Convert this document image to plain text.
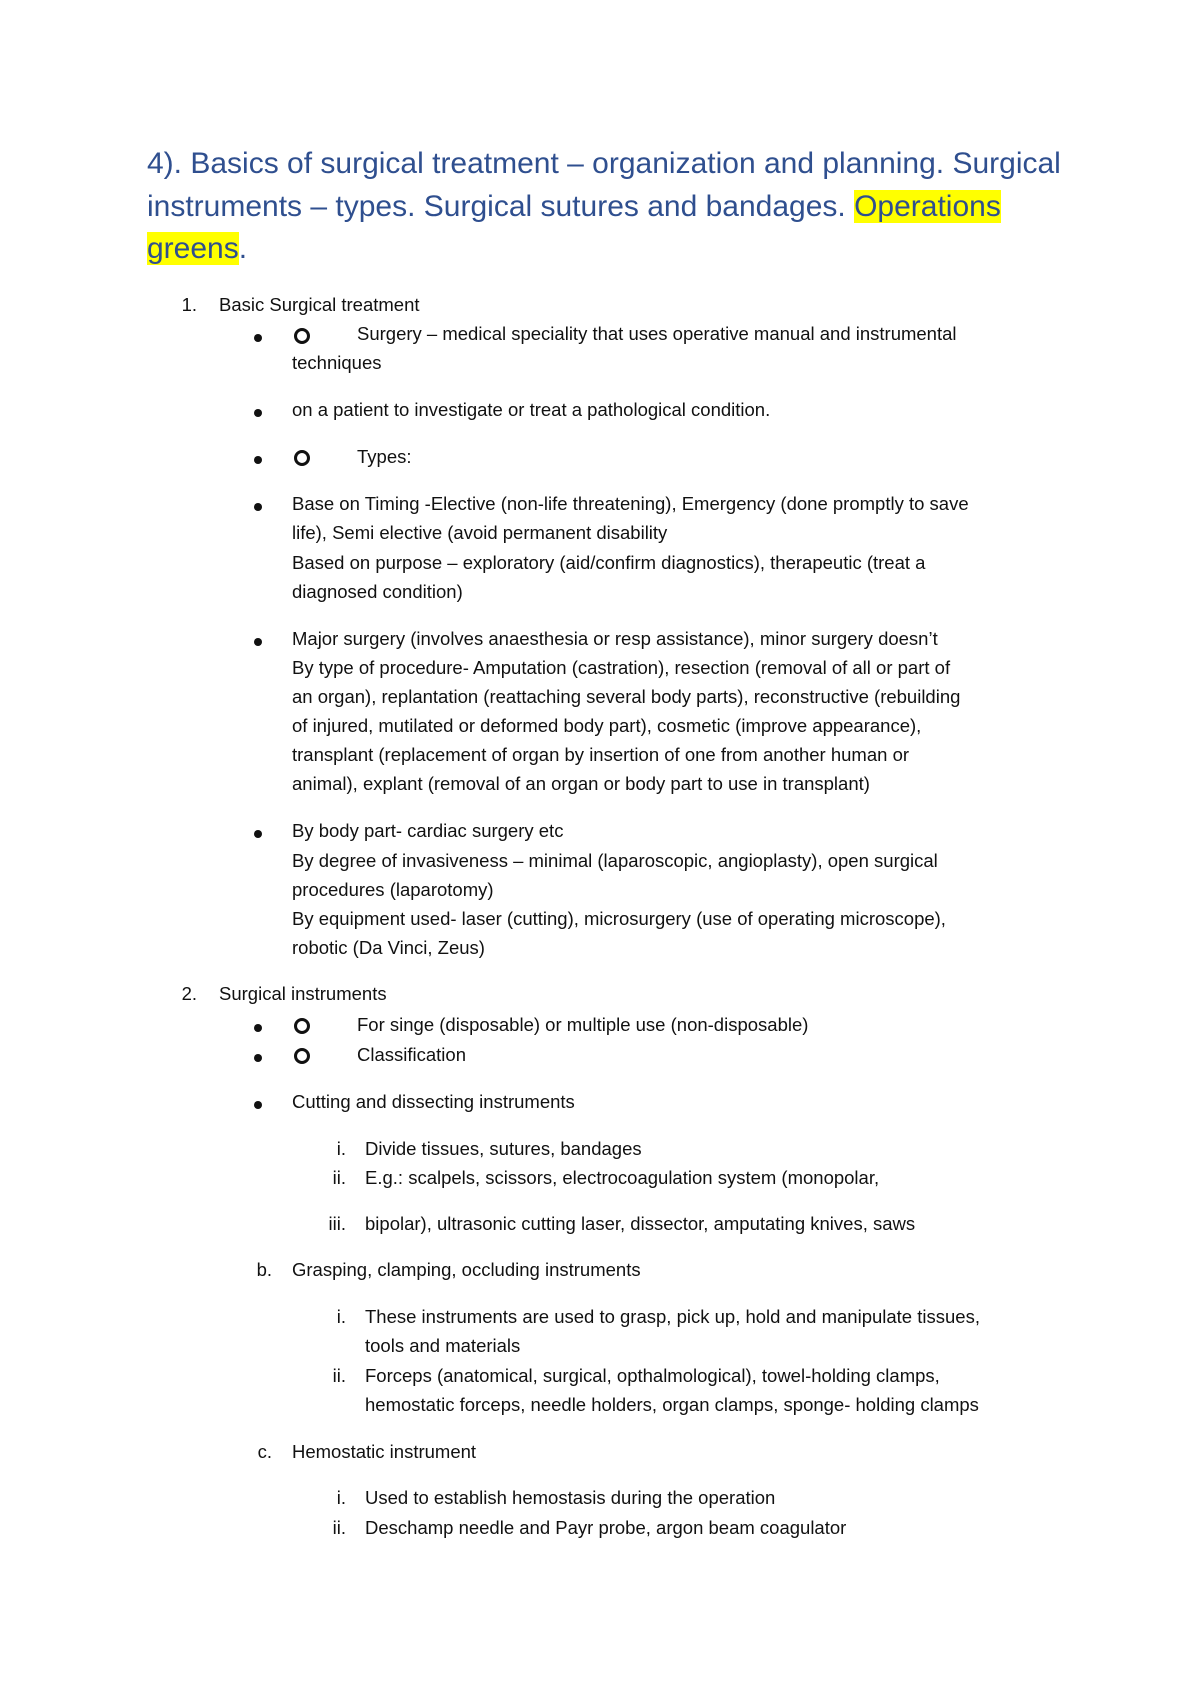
4). Basics of surgical treatment – organization and planning. Surgical instruments – types. Surgical sutures and bandages. Operations greens.
1. Basic Surgical treatment
Surgery – medical speciality that uses operative manual and instrumental
techniques
on a patient to investigate or treat a pathological condition.
Types:
Base on Timing -Elective (non-life threatening), Emergency (done promptly to save
life), Semi elective (avoid permanent disability
Based on purpose – exploratory (aid/confirm diagnostics), therapeutic (treat a
diagnosed condition)
Major surgery (involves anaesthesia or resp assistance), minor surgery doesn’t
By type of procedure- Amputation (castration), resection (removal of all or part of
an organ), replantation (reattaching several body parts), reconstructive (rebuilding
of injured, mutilated or deformed body part), cosmetic (improve appearance),
transplant (replacement of organ by insertion of one from another human or
animal), explant (removal of an organ or body part to use in transplant)
By body part- cardiac surgery etc
By degree of invasiveness – minimal (laparoscopic, angioplasty), open surgical
procedures (laparotomy)
By equipment used- laser (cutting), microsurgery (use of operating microscope),
robotic (Da Vinci, Zeus)
2. Surgical instruments
For singe (disposable) or multiple use (non-disposable)
Classification
Cutting and dissecting instruments
i. Divide tissues, sutures, bandages
ii. E.g.: scalpels, scissors, electrocoagulation system (monopolar,
iii. bipolar), ultrasonic cutting laser, dissector, amputating knives, saws
b. Grasping, clamping, occluding instruments
i. These instruments are used to grasp, pick up, hold and manipulate tissues,
tools and materials
ii. Forceps (anatomical, surgical, opthalmological), towel-holding clamps,
hemostatic forceps, needle holders, organ clamps, sponge- holding clamps
c. Hemostatic instrument
i. Used to establish hemostasis during the operation
ii. Deschamp needle and Payr probe, argon beam coagulator
